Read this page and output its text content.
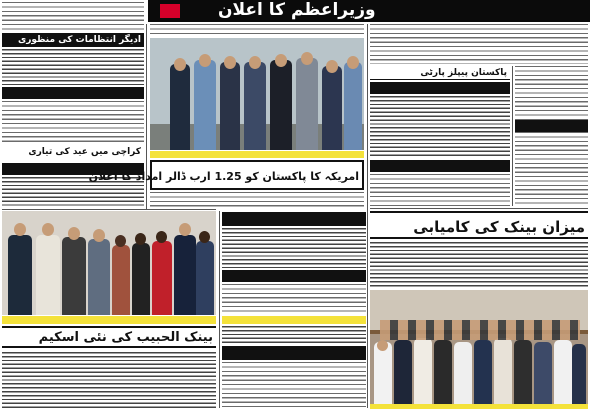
وزیراعظم کا اعلان
ادیگر انتظامات کی منظوری
کراچی میں عید کی تیاری
بینک الحبیب کی نئی اسکیم
امریکہ کا پاکستان کو 1.25 ارب ڈالر امداد کا اعلان
پاکستان پیپلز پارٹی
میزان بینک کی کامیابی
